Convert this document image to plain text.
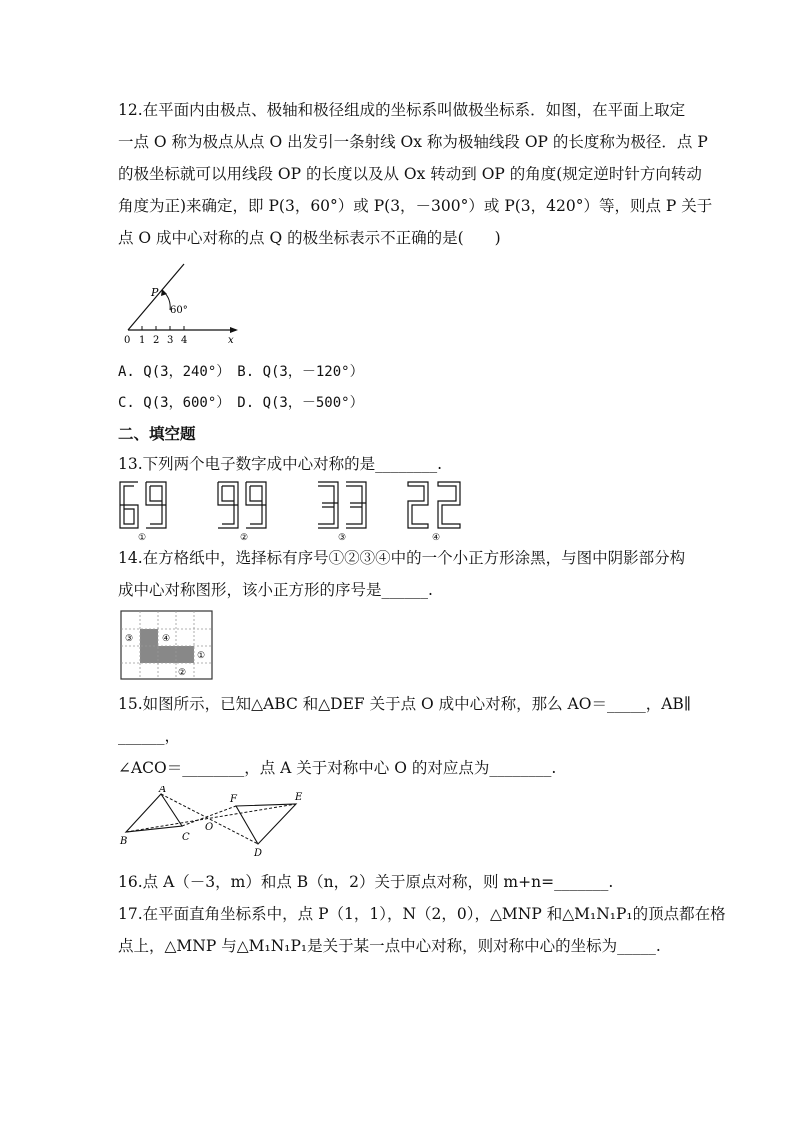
12.在平面内由极点、极轴和极径组成的坐标系叫做极坐标系．如图，在平面上取定
一点 O 称为极点从点 O 出发引一条射线 Ox 称为极轴线段 OP 的长度称为极径．点 P
的极坐标就可以用线段 OP 的长度以及从 Ox 转动到 OP 的角度(规定逆时针方向转动
角度为正)来确定，即 P(3，60°）或 P(3，－300°）或 P(3，420°）等，则点 P 关于
点 O 成中心对称的点 Q 的极坐标表示不正确的是(　　)
P
60°
0 1 2 3 4	x
A. Q(3，240°）　B. Q(3，－120°）
C. Q(3，600°）　D. Q(3，－500°）
二、填空题
13.下列两个电子数字成中心对称的是________.
①	②	③	④
14.在方格纸中，选择标有序号①②③④中的一个小正方形涂黑，与图中阴影部分构
成中心对称图形，该小正方形的序号是______.
③	④
①
②
15.如图所示，已知△ABC 和△DEF 关于点 O 成中心对称，那么 AO＝_____，AB∥
______，
∠ACO＝________，点 A 关于对称中心 O 的对应点为________.
A
B	C
O
F	E
D
16.点 A（－3，m）和点 B（n，2）关于原点对称，则 m+n=_______.
17.在平面直角坐标系中，点 P（1，1），N（2，0），△MNP 和△M₁N₁P₁的顶点都在格
点上，△MNP 与△M₁N₁P₁是关于某一点中心对称，则对称中心的坐标为_____.
